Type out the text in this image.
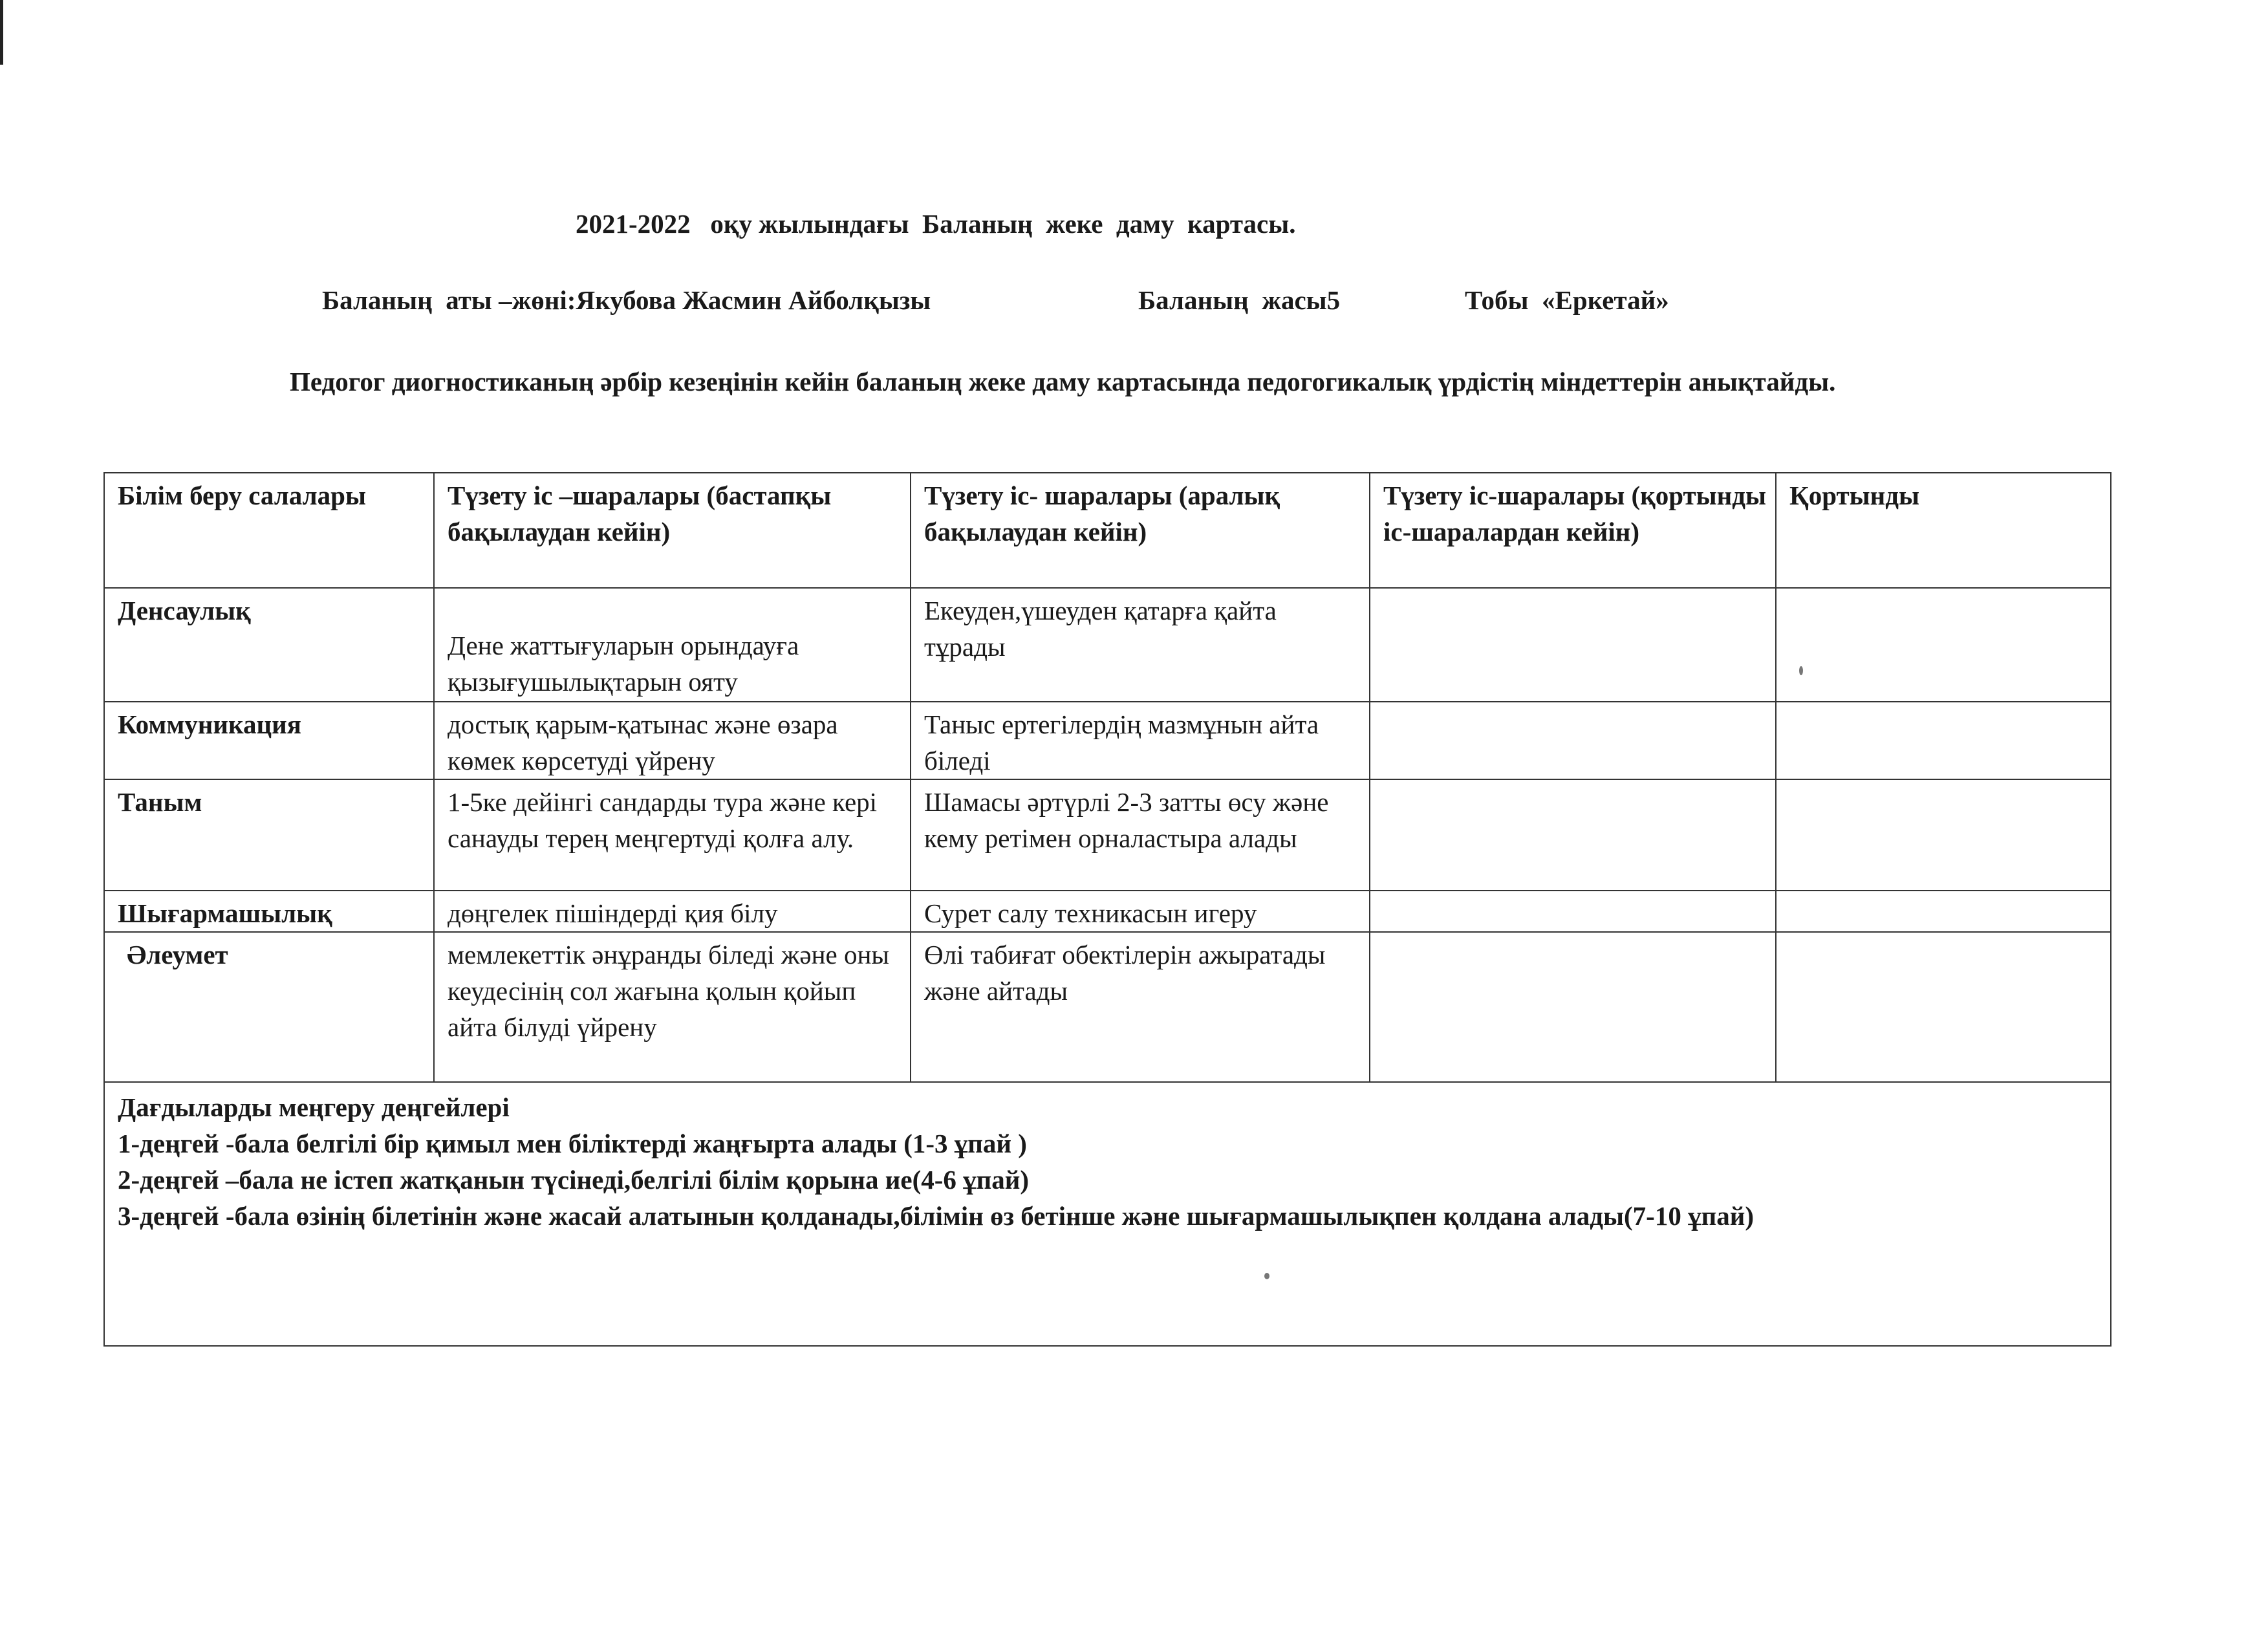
2021-2022   оқу жылындағы  Баланың  жеке  даму  картасы.
Баланың  аты –жөні:Якубова Жасмин Айболқызы	Баланың  жасы5	Тобы  «Еркетай»
Педогог диогностиканың әрбір кезеңінін кейін баланың жеке даму картасында педогогикалық үрдістің міндеттерін анықтайды.
Білім беру салалары	Түзету іс –шаралары (бастапқы бақылаудан кейін)	Түзету іс- шаралары (аралық бақылаудан кейін)	Түзету іс-шаралары (қортынды іс-шаралардан кейін)	Қортынды
Денсаулық	Дене жаттығуларын орындауға қызығушылықтарын ояту	Екеуден,үшеуден қатарға қайта тұрады		
Коммуникация	достық қарым-қатынас және өзара көмек көрсетуді үйрену	Таныс ертегілердің мазмұнын айта біледі		
Таным	1-5ке дейінгі сандарды тура және кері санауды терең меңгертуді қолға алу.	Шамасы әртүрлі 2-3 затты өсу және кему ретімен орналастыра алады		
Шығармашылық	дөңгелек пішіндерді қия білу	Сурет салу техникасын игеру		
Әлеумет	мемлекеттік әнұранды біледі және оны кеудесінің сол жағына қолын қойып айта білуді үйрену	Өлі табиғат обектілерін ажыратады және айтады		

Дағдыларды меңгеру деңгейлері
1-деңгей -бала белгілі бір қимыл мен біліктерді жаңғырта алады (1-3 ұпай )
2-деңгей –бала не істеп жатқанын түсінеді,белгілі білім қорына ие(4-6 ұпай)
3-деңгей -бала өзінің білетінін және жасай алатынын қолданады,білімін өз бетінше және шығармашылықпен қолдана алады(7-10 ұпай)				
